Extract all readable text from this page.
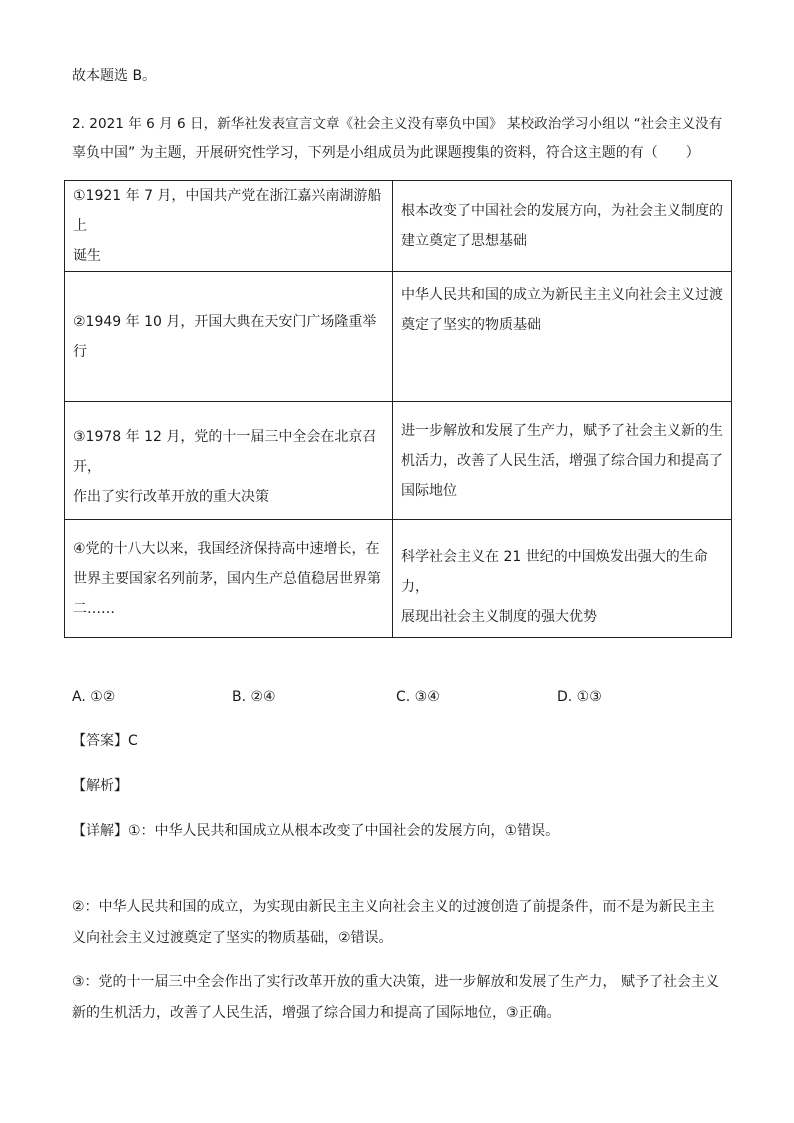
故本题选 B。
2. 2021 年 6 月 6 日，新华社发表宣言文章《社会主义没有辜负中国》 某校政治学习小组以 “社会主义没有
辜负中国” 为主题，开展研究性学习，下列是小组成员为此课题搜集的资料，符合这主题的有（　　）
①1921 年 7 月，中国共产党在浙江嘉兴南湖游船上
诞生	根本改变了中国社会的发展方向，为社会主义制度的
建立奠定了思想基础

②1949 年 10 月，开国大典在天安门广场隆重举行	中华人民共和国的成立为新民主主义向社会主义过渡
奠定了坚实的物质基础

③1978 年 12 月，党的十一届三中全会在北京召开，
作出了实行改革开放的重大决策	进一步解放和发展了生产力，赋予了社会主义新的生
机活力，改善了人民生活，增强了综合国力和提高了
国际地位

④党的十八大以来，我国经济保持高中速增长，在
世界主要国家名列前茅，国内生产总值稳居世界第
二……	科学社会主义在 21 世纪的中国焕发出强大的生命力，
展现出社会主义制度的强大优势
A. ①②	B. ②④	C. ③④	D. ①③
【答案】C
【解析】
【详解】①：中华人民共和国成立从根本改变了中国社会的发展方向，①错误。
②：中华人民共和国的成立，为实现由新民主主义向社会主义的过渡创造了前提条件，而不是为新民主主
义向社会主义过渡奠定了坚实的物质基础，②错误。
③：党的十一届三中全会作出了实行改革开放的重大决策，进一步解放和发展了生产力， 赋予了社会主义
新的生机活力，改善了人民生活，增强了综合国力和提高了国际地位，③正确。
